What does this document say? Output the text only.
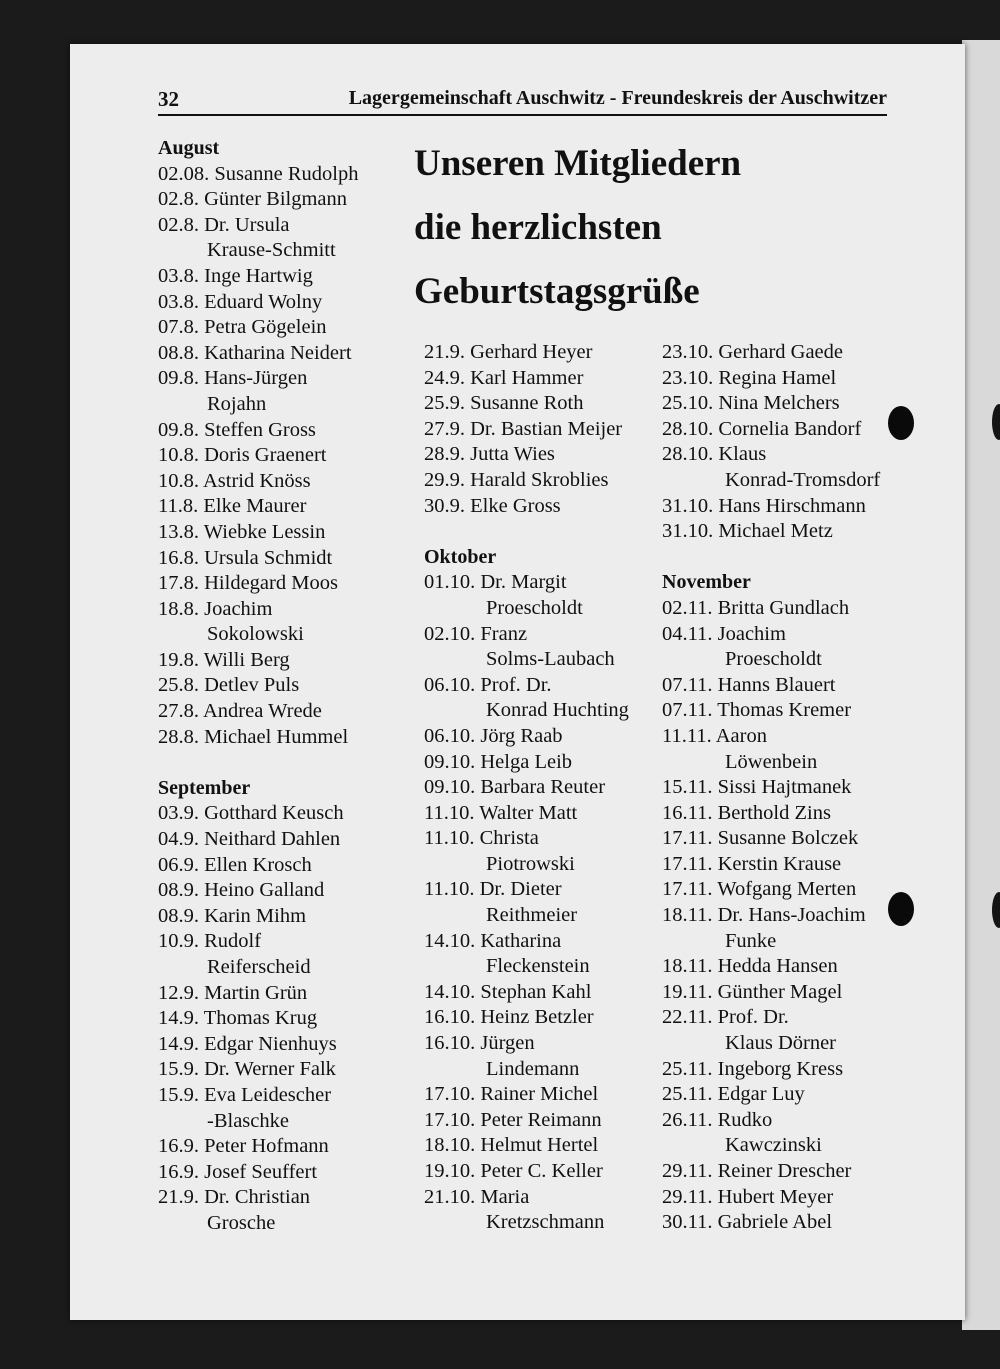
32	Lagergemeinschaft Auschwitz - Freundeskreis der Auschwitzer
Unseren Mitgliedern
die herzlichsten
Geburtstagsgrüße
August
02.08. Susanne Rudolph
02.8. Günter Bilgmann
02.8. Dr. Ursula
Krause-Schmitt
03.8. Inge Hartwig
03.8. Eduard Wolny
07.8. Petra Gögelein
08.8. Katharina Neidert
09.8. Hans-Jürgen
Rojahn
09.8. Steffen Gross
10.8. Doris Graenert
10.8. Astrid Knöss
11.8. Elke Maurer
13.8. Wiebke Lessin
16.8. Ursula Schmidt
17.8. Hildegard Moos
18.8. Joachim
Sokolowski
19.8. Willi Berg
25.8. Detlev Puls
27.8. Andrea Wrede
28.8. Michael Hummel
September
03.9. Gotthard Keusch
04.9. Neithard Dahlen
06.9. Ellen Krosch
08.9. Heino Galland
08.9. Karin Mihm
10.9. Rudolf
Reiferscheid
12.9. Martin Grün
14.9. Thomas Krug
14.9. Edgar Nienhuys
15.9. Dr. Werner Falk
15.9. Eva Leidescher
-Blaschke
16.9. Peter Hofmann
16.9. Josef Seuffert
21.9. Dr. Christian
Grosche
21.9. Gerhard Heyer
24.9. Karl Hammer
25.9. Susanne Roth
27.9. Dr. Bastian Meijer
28.9. Jutta Wies
29.9. Harald Skroblies
30.9. Elke Gross
Oktober
01.10. Dr. Margit
Proescholdt
02.10. Franz
Solms-Laubach
06.10. Prof. Dr.
Konrad Huchting
06.10. Jörg Raab
09.10. Helga Leib
09.10. Barbara Reuter
11.10. Walter Matt
11.10. Christa
Piotrowski
11.10. Dr. Dieter
Reithmeier
14.10. Katharina
Fleckenstein
14.10. Stephan Kahl
16.10. Heinz Betzler
16.10. Jürgen
Lindemann
17.10. Rainer Michel
17.10. Peter Reimann
18.10. Helmut Hertel
19.10. Peter C. Keller
21.10. Maria
Kretzschmann
23.10. Gerhard Gaede
23.10. Regina Hamel
25.10. Nina Melchers
28.10. Cornelia Bandorf
28.10. Klaus
Konrad-Tromsdorf
31.10. Hans Hirschmann
31.10. Michael Metz
November
02.11. Britta Gundlach
04.11. Joachim
Proescholdt
07.11. Hanns Blauert
07.11. Thomas Kremer
11.11. Aaron
Löwenbein
15.11. Sissi Hajtmanek
16.11. Berthold Zins
17.11. Susanne Bolczek
17.11. Kerstin Krause
17.11. Wofgang Merten
18.11. Dr. Hans-Joachim
Funke
18.11. Hedda Hansen
19.11. Günther Magel
22.11. Prof. Dr.
Klaus Dörner
25.11. Ingeborg Kress
25.11. Edgar Luy
26.11. Rudko
Kawczinski
29.11. Reiner Drescher
29.11. Hubert Meyer
30.11. Gabriele Abel
